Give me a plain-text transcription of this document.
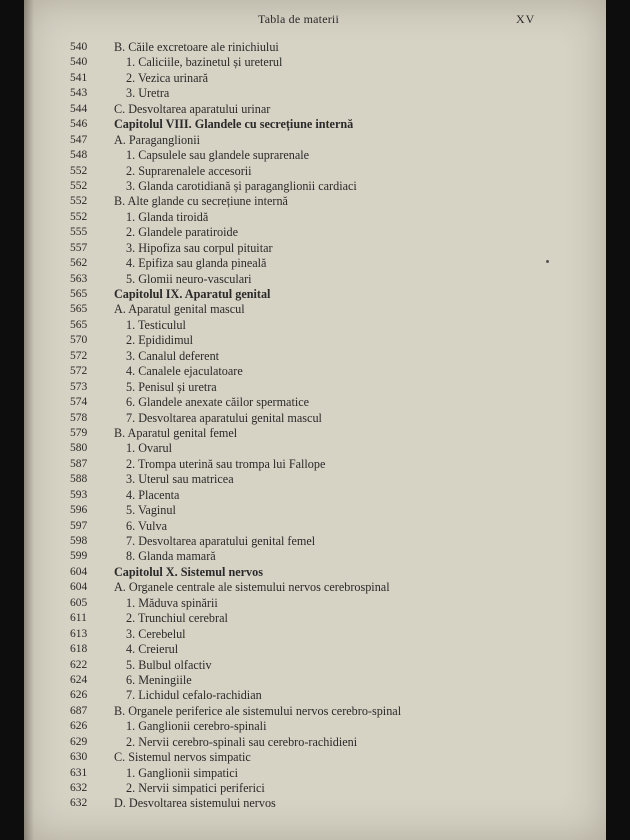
Tabla de materii	XV
540	B. Căile excretoare ale rinichiului
540	1. Caliciile, bazinetul și ureterul
541	2. Vezica urinară
543	3. Uretra
544	C. Desvoltarea aparatului urinar
546	Capitolul VIII. Glandele cu secrețiune internă
547	A. Paraganglionii
548	1. Capsulele sau glandele suprarenale
552	2. Suprarenalele accesorii
552	3. Glanda carotidiană și paraganglionii cardiaci
552	B. Alte glande cu secrețiune internă
552	1. Glanda tiroidă
555	2. Glandele paratiroide
557	3. Hipofiza sau corpul pituitar
562	4. Epifiza sau glanda pineală
563	5. Glomii neuro-vasculari
565	Capitolul IX. Aparatul genital
565	A. Aparatul genital mascul
565	1. Testiculul
570	2. Epididimul
572	3. Canalul deferent
572	4. Canalele ejaculatoare
573	5. Penisul și uretra
574	6. Glandele anexate căilor spermatice
578	7. Desvoltarea aparatului genital mascul
579	B. Aparatul genital femel
580	1. Ovarul
587	2. Trompa uterină sau trompa lui Fallope
588	3. Uterul sau matricea
593	4. Placenta
596	5. Vaginul
597	6. Vulva
598	7. Desvoltarea aparatului genital femel
599	8. Glanda mamară
604	Capitolul X. Sistemul nervos
604	A. Organele centrale ale sistemului nervos cerebrospinal
605	1. Măduva spinării
611	2. Trunchiul cerebral
613	3. Cerebelul
618	4. Creierul
622	5. Bulbul olfactiv
624	6. Meningiile
626	7. Lichidul cefalo-rachidian
687	B. Organele periferice ale sistemului nervos cerebro-spinal
626	1. Ganglionii cerebro-spinali
629	2. Nervii cerebro-spinali sau cerebro-rachidieni
630	C. Sistemul nervos simpatic
631	1. Ganglionii simpatici
632	2. Nervii simpatici periferici
632	D. Desvoltarea sistemului nervos
